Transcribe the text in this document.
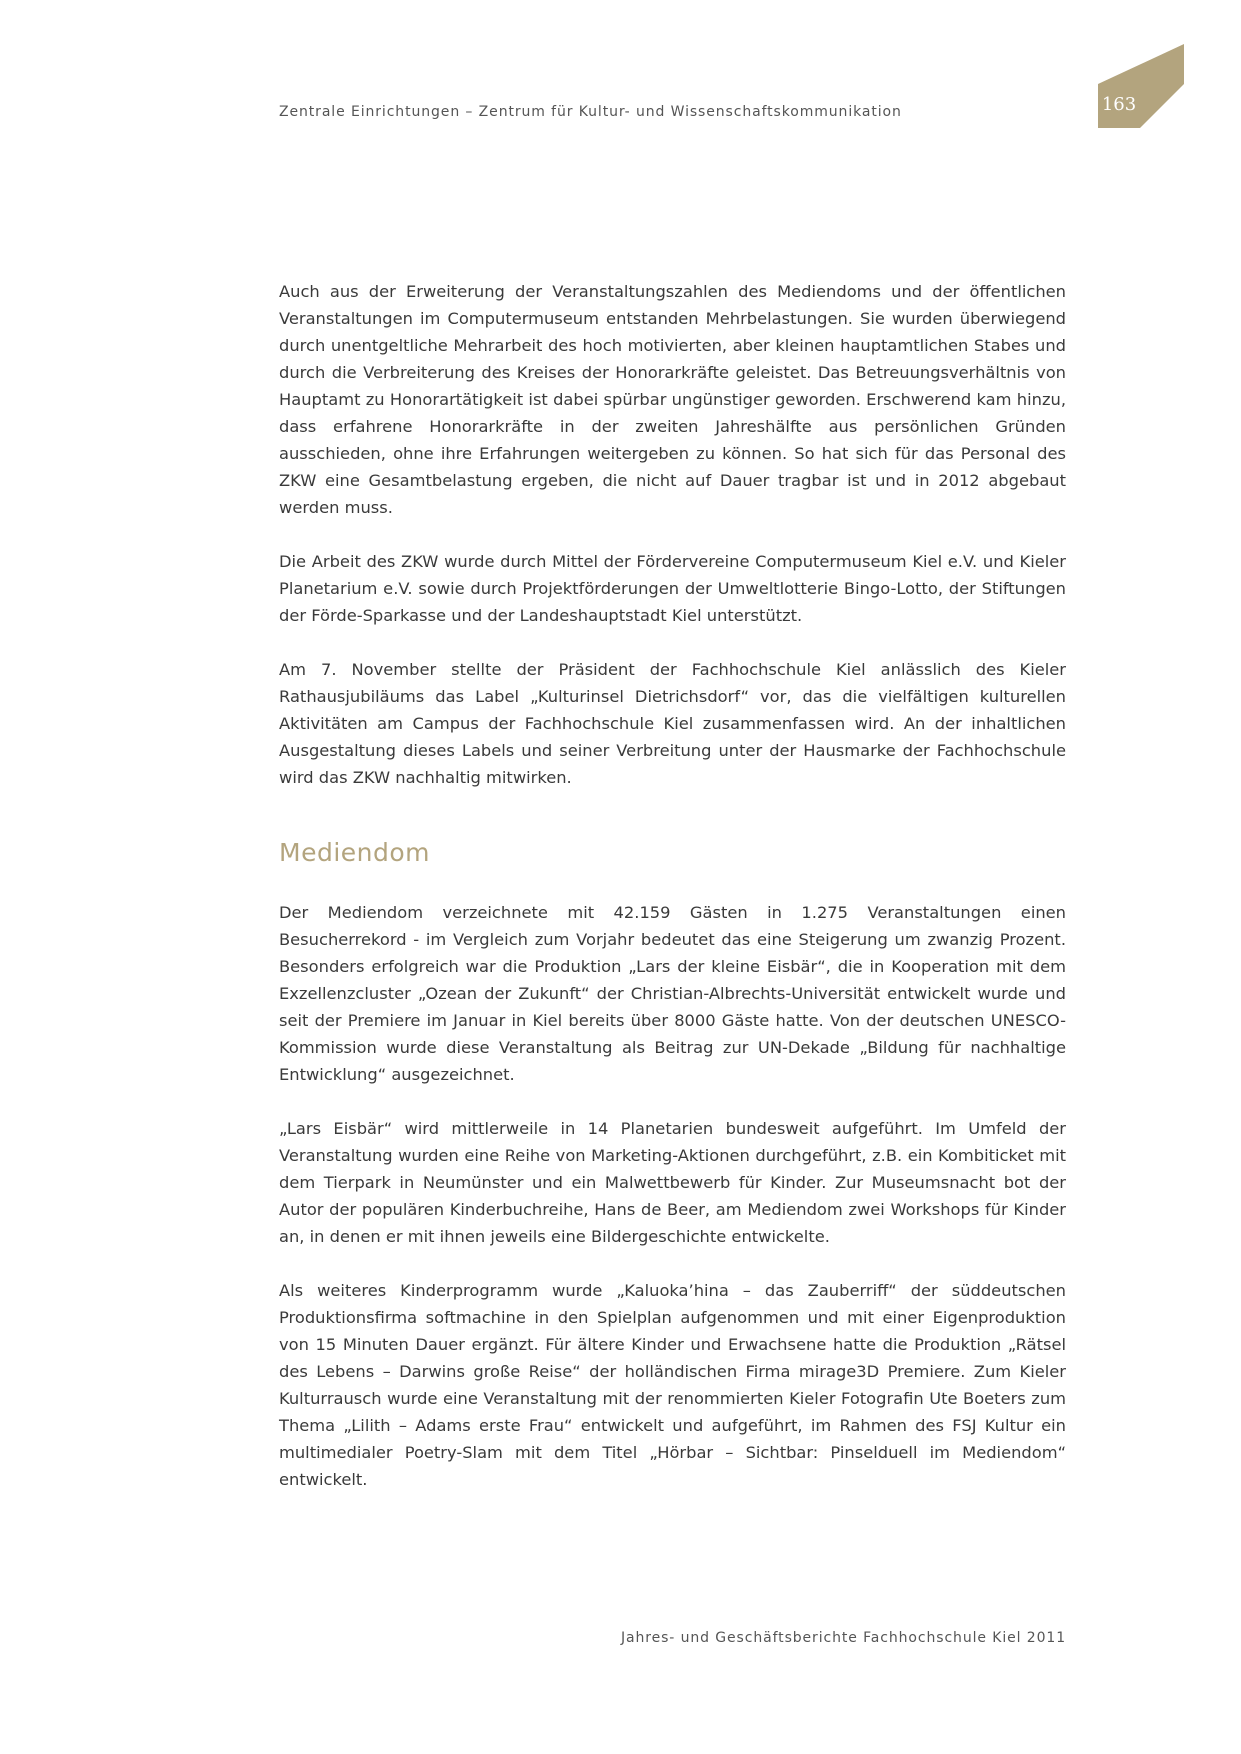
Zentrale Einrichtungen – Zentrum für Kultur- und Wissenschaftskommunikation	163

Auch aus der Erweiterung der Veranstaltungszahlen des Mediendoms und der öffentlichen Veranstaltungen im Computermuseum entstanden Mehrbelastungen. Sie wurden überwiegend durch unentgeltliche Mehrarbeit des hoch motivierten, aber kleinen hauptamtlichen Stabes und durch die Verbreiterung des Kreises der Honorarkräfte geleistet. Das Betreuungsverhältnis von Hauptamt zu Honorartätigkeit ist dabei spürbar ungünstiger geworden. Erschwerend kam hinzu, dass erfahrene Honorarkräfte in der zweiten Jahreshälfte aus persönlichen Gründen ausschieden, ohne ihre Erfahrungen weitergeben zu können. So hat sich für das Personal des ZKW eine Gesamtbelastung ergeben, die nicht auf Dauer tragbar ist und in 2012 abgebaut werden muss.

Die Arbeit des ZKW wurde durch Mittel der Fördervereine Computermuseum Kiel e.V. und Kieler Planetarium e.V. sowie durch Projektförderungen der Umweltlotterie Bingo-Lotto, der Stiftungen der Förde-Sparkasse und der Landeshauptstadt Kiel unterstützt.

Am 7. November stellte der Präsident der Fachhochschule Kiel anlässlich des Kieler Rathausjubiläums das Label „Kulturinsel Dietrichsdorf“ vor, das die vielfältigen kulturellen Aktivitäten am Campus der Fachhochschule Kiel zusammenfassen wird. An der inhaltlichen Ausgestaltung dieses Labels und seiner Verbreitung unter der Hausmarke der Fachhochschule wird das ZKW nachhaltig mitwirken.

Mediendom

Der Mediendom verzeichnete mit 42.159 Gästen in 1.275 Veranstaltungen einen Besucherrekord - im Vergleich zum Vorjahr bedeutet das eine Steigerung um zwanzig Prozent. Besonders erfolgreich war die Produktion „Lars der kleine Eisbär“, die in Kooperation mit dem Exzellenzcluster „Ozean der Zukunft“ der Christian-Albrechts-Universität entwickelt wurde und seit der Premiere im Januar in Kiel bereits über 8000 Gäste hatte. Von der deutschen UNESCO-Kommission wurde diese Veranstaltung als Beitrag zur UN-Dekade „Bildung für nachhaltige Entwicklung“ ausgezeichnet.

„Lars Eisbär“ wird mittlerweile in 14 Planetarien bundesweit aufgeführt. Im Umfeld der Veranstaltung wurden eine Reihe von Marketing-Aktionen durchgeführt, z.B. ein Kombiticket mit dem Tierpark in Neumünster und ein Malwettbewerb für Kinder. Zur Museumsnacht bot der Autor der populären Kinderbuchreihe, Hans de Beer, am Mediendom zwei Workshops für Kinder an, in denen er mit ihnen jeweils eine Bildergeschichte entwickelte.

Als weiteres Kinderprogramm wurde „Kaluoka’hina – das Zauberriff“ der süddeutschen Produktionsfirma softmachine in den Spielplan aufgenommen und mit einer Eigenproduktion von 15 Minuten Dauer ergänzt. Für ältere Kinder und Erwachsene hatte die Produktion „Rätsel des Lebens – Darwins große Reise“ der holländischen Firma mirage3D Premiere. Zum Kieler Kulturrausch wurde eine Veranstaltung mit der renommierten Kieler Fotografin Ute Boeters zum Thema „Lilith – Adams erste Frau“ entwickelt und aufgeführt, im Rahmen des FSJ Kultur ein multimedialer Poetry-Slam mit dem Titel „Hörbar – Sichtbar: Pinselduell im Mediendom“ entwickelt.

Jahres- und Geschäftsberichte Fachhochschule Kiel 2011
